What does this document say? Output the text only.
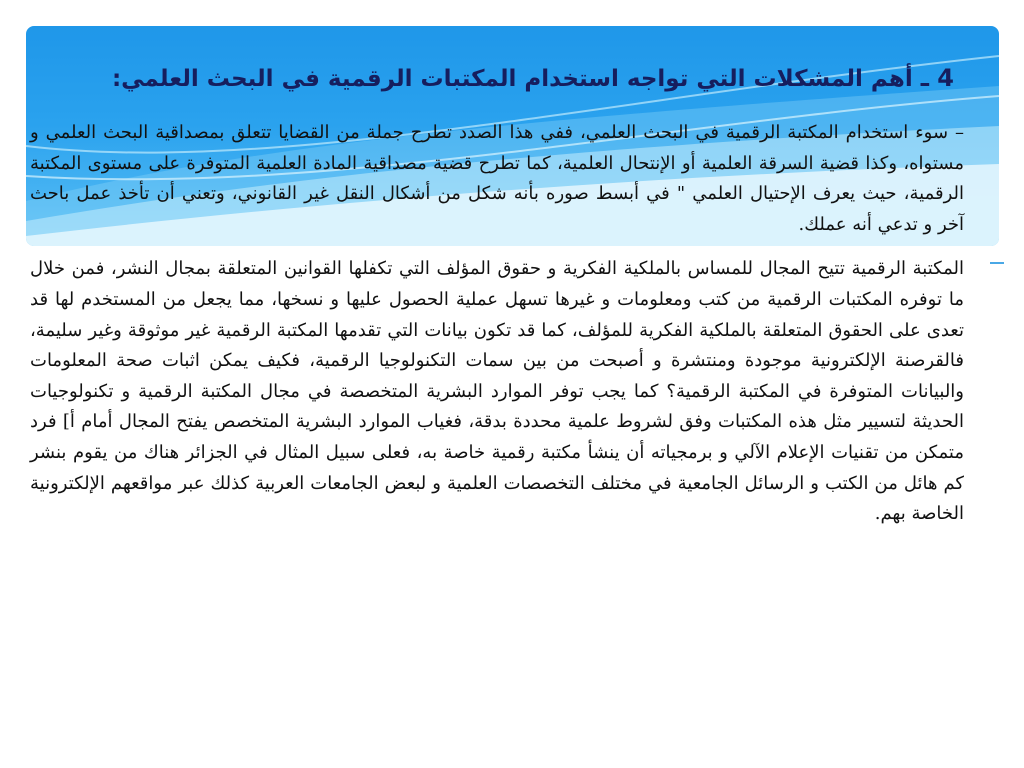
4 ـ أهم المشكلات التي تواجه استخدام المكتبات الرقمية في البحث العلمي:

– سوء استخدام المكتبة الرقمية في البحث العلمي، ففي هذا الصدد تطرح جملة من القضايا تتعلق بمصداقية البحث العلمي و مستواه، وكذا قضية السرقة العلمية أو الإنتحال العلمية، كما تطرح قضية مصداقية المادة العلمية المتوفرة على مستوى المكتبة الرقمية، حيث يعرف الإحتيال العلمي " في أبسط صوره بأنه شكل من أشكال النقل غير القانوني، وتعني أن تأخذ عمل باحث آخر و تدعي أنه عملك.

المكتبة الرقمية تتيح المجال للمساس بالملكية الفكرية و حقوق المؤلف التي تكفلها القوانين المتعلقة بمجال النشر، فمن خلال ما توفره المكتبات الرقمية من كتب ومعلومات و غيرها تسهل عملية الحصول عليها و نسخها، مما يجعل من المستخدم لها قد تعدى على الحقوق المتعلقة بالملكية الفكرية للمؤلف، كما قد تكون بيانات التي تقدمها المكتبة الرقمية غير موثوقة وغير سليمة، فالقرصنة الإلكترونية موجودة ومنتشرة و أصبحت من بين سمات التكنولوجيا الرقمية، فكيف يمكن اثبات صحة المعلومات والبيانات المتوفرة في المكتبة الرقمية؟ كما يجب توفر الموارد البشرية المتخصصة في مجال المكتبة الرقمية و تكنولوجيات الحديثة لتسيير مثل هذه المكتبات وفق لشروط علمية محددة بدقة، فغياب الموارد البشرية المتخصص يفتح المجال أمام أ] فرد متمكن من تقنيات الإعلام الآلي و برمجياته أن ينشأ مكتبة رقمية خاصة به، فعلى سبيل المثال في الجزائر هناك من يقوم بنشر كم هائل من الكتب و الرسائل الجامعية في مختلف التخصصات العلمية و لبعض الجامعات العربية كذلك عبر مواقعهم الإلكترونية الخاصة بهم.
